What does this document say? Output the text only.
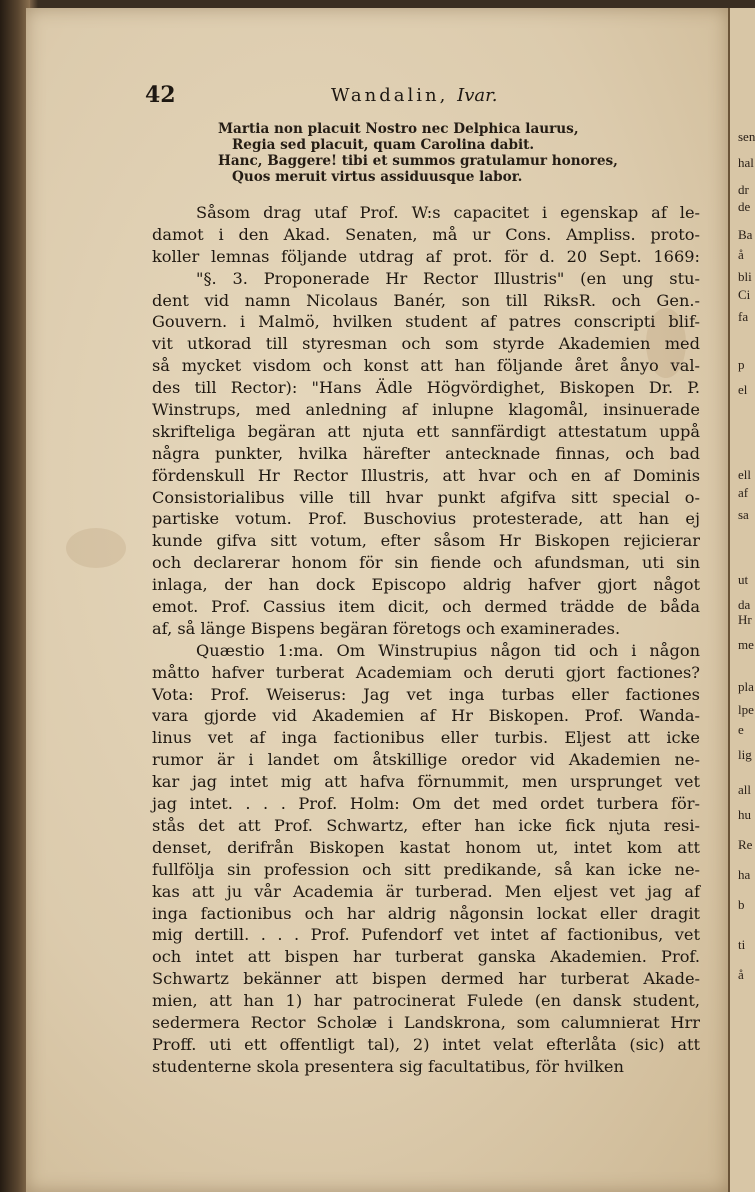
sen
hal
dr
de
Ba
å
bli
Ci
fa
p
el
ell
af
sa
ut
da
Hr
me
pla
lpe
e
lig
all
hu
Re
ha
b
ti
å
42	Wandalin, Ivar.
Martia non placuit Nostro nec Delphica laurus,
Regia sed placuit, quam Carolina dabit.
Hanc, Baggere! tibi et summos gratulamur honores,
Quos meruit virtus assiduusque labor.
Såsom drag utaf Prof. W:s capacitet i egenskap af le-
damot i den Akad. Senaten, må ur Cons. Ampliss. proto-
koller lemnas följande utdrag af prot. för d. 20 Sept. 1669:
"§. 3. Proponerade Hr Rector Illustris" (en ung stu-
dent vid namn Nicolaus Banér, son till RiksR. och Gen.-
Gouvern. i Malmö, hvilken student af patres conscripti blif-
vit utkorad till styresman och som styrde Akademien med
så mycket visdom och konst att han följande året ånyo val-
des till Rector): "Hans Ädle Högvördighet, Biskopen Dr. P.
Winstrups, med anledning af inlupne klagomål, insinuerade
skrifteliga begäran att njuta ett sannfärdigt attestatum uppå
några punkter, hvilka härefter antecknade finnas, och bad
fördenskull Hr Rector Illustris, att hvar och en af Dominis
Consistorialibus ville till hvar punkt afgifva sitt special o-
partiske votum. Prof. Buschovius protesterade, att han ej
kunde gifva sitt votum, efter såsom Hr Biskopen rejicierar
och declarerar honom för sin fiende och afundsman, uti sin
inlaga, der han dock Episcopo aldrig hafver gjort något
emot. Prof. Cassius item dicit, och dermed trädde de båda
af, så länge Bispens begäran företogs och examinerades.
Quæstio 1:ma. Om Winstrupius någon tid och i någon
måtto hafver turberat Academiam och deruti gjort factiones?
Vota: Prof. Weiserus: Jag vet inga turbas eller factiones
vara gjorde vid Akademien af Hr Biskopen. Prof. Wanda-
linus vet af inga factionibus eller turbis. Eljest att icke
rumor är i landet om åtskillige oredor vid Akademien ne-
kar jag intet mig att hafva förnummit, men ursprunget vet
jag intet. . . . Prof. Holm: Om det med ordet turbera för-
stås det att Prof. Schwartz, efter han icke fick njuta resi-
denset, derifrån Biskopen kastat honom ut, intet kom att
fullfölja sin profession och sitt predikande, så kan icke ne-
kas att ju vår Academia är turberad. Men eljest vet jag af
inga factionibus och har aldrig någonsin lockat eller dragit
mig dertill. . . . Prof. Pufendorf vet intet af factionibus, vet
och intet att bispen har turberat ganska Akademien. Prof.
Schwartz bekänner att bispen dermed har turberat Akade-
mien, att han 1) har patrocinerat Fulede (en dansk student,
sedermera Rector Scholæ i Landskrona, som calumnierat Hrr
Proff. uti ett offentligt tal), 2) intet velat efterlåta (sic) att
studenterne skola presentera sig facultatibus, för hvilken
